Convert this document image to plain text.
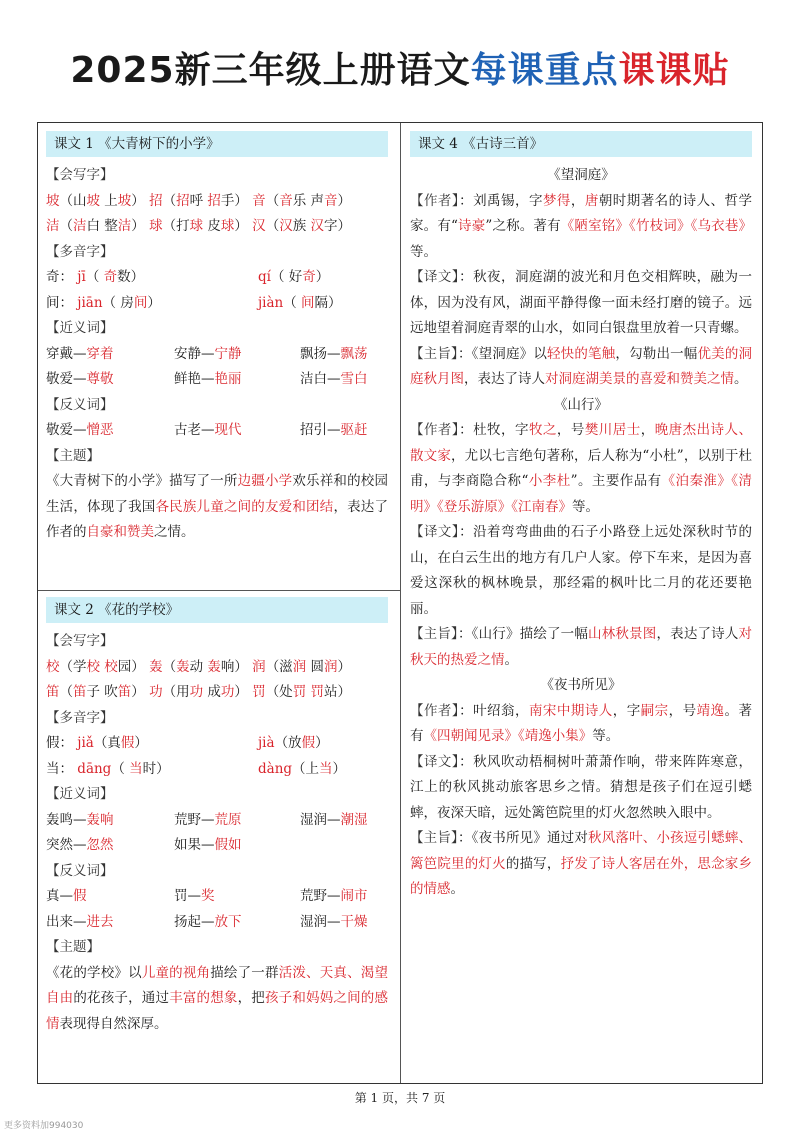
2025新三年级上册语文每课重点课课贴
课文 1 《大青树下的小学》
【会写字】
坡（山坡 上坡） 招（招呼 招手） 音（音乐 声音）
洁（洁白 整洁） 球（打球 皮球） 汉（汉族 汉字）
【多音字】
奇： jī（ 奇数）	qí（ 好奇）
间： jiān（ 房间）	jiàn（ 间隔）
【近义词】
穿戴—穿着	安静—宁静	飘扬—飘荡
敬爱—尊敬	鲜艳—艳丽	洁白—雪白
【反义词】
敬爱—憎恶	古老—现代	招引—驱赶
【主题】
《大青树下的小学》描写了一所边疆小学欢乐祥和的校园生活，体现了我国各民族儿童之间的友爱和团结，表达了作者的自豪和赞美之情。
课文 2 《花的学校》
【会写字】
校（学校 校园） 轰（轰动 轰响） 润（滋润 圆润）
笛（笛子 吹笛） 功（用功 成功） 罚（处罚 罚站）
【多音字】
假： jiǎ（真假）	jià（放假）
当： dāng（ 当时）	dàng（上当）
【近义词】
轰鸣—轰响	荒野—荒原	湿润—潮湿
突然—忽然	如果—假如
【反义词】
真—假	罚—奖	荒野—闹市
出来—进去	扬起—放下	湿润—干燥
【主题】
《花的学校》以儿童的视角描绘了一群活泼、天真、渴望自由的花孩子，通过丰富的想象，把孩子和妈妈之间的感情表现得自然深厚。
课文 4 《古诗三首》
《望洞庭》
【作者】：刘禹锡，字梦得，唐朝时期著名的诗人、哲学家。有“诗豪”之称。著有《陋室铭》《竹枝词》《乌衣巷》等。
【译文】：秋夜，洞庭湖的波光和月色交相辉映，融为一体，因为没有风，湖面平静得像一面未经打磨的镜子。远远地望着洞庭青翠的山水，如同白银盘里放着一只青螺。
【主旨】：《望洞庭》以轻快的笔触，勾勒出一幅优美的洞庭秋月图，表达了诗人对洞庭湖美景的喜爱和赞美之情。
《山行》
【作者】：杜牧，字牧之，号樊川居士，晚唐杰出诗人、散文家，尤以七言绝句著称，后人称为“小杜”，以别于杜甫，与李商隐合称“小李杜”。主要作品有《泊秦淮》《清明》《登乐游原》《江南春》等。
【译文】：沿着弯弯曲曲的石子小路登上远处深秋时节的山，在白云生出的地方有几户人家。停下车来，是因为喜爱这深秋的枫林晚景，那经霜的枫叶比二月的花还要艳丽。
【主旨】：《山行》描绘了一幅山林秋景图，表达了诗人对秋天的热爱之情。
《夜书所见》
【作者】：叶绍翁，南宋中期诗人，字嗣宗，号靖逸。著有《四朝闻见录》《靖逸小集》等。
【译文】：秋风吹动梧桐树叶萧萧作响，带来阵阵寒意，江上的秋风挑动旅客思乡之情。猜想是孩子们在逗引蟋蟀，夜深天暗，远处篱笆院里的灯火忽然映入眼中。
【主旨】：《夜书所见》通过对秋风落叶、小孩逗引蟋蟀、篱笆院里的灯火的描写，抒发了诗人客居在外，思念家乡的情感。
第 1 页，共 7 页
更多资料加994030
